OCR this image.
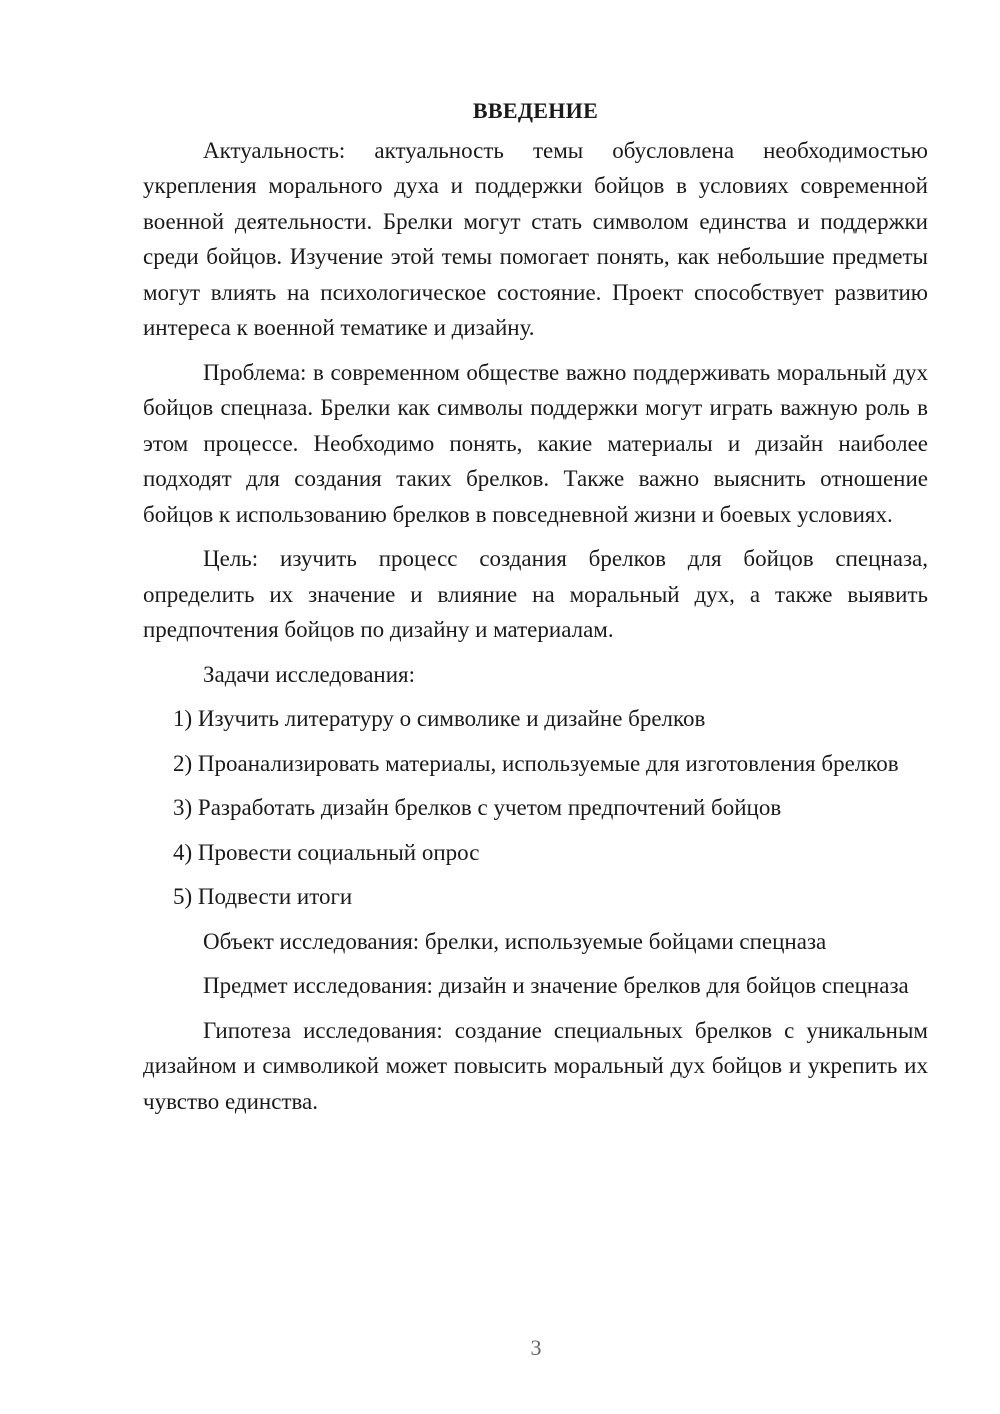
ВВЕДЕНИЕ

Актуальность: актуальность темы обусловлена необходимостью укрепления морального духа и поддержки бойцов в условиях современной военной деятельности. Брелки могут стать символом единства и поддержки среди бойцов. Изучение этой темы помогает понять, как небольшие предметы могут влиять на психологическое состояние. Проект способствует развитию интереса к военной тематике и дизайну.

Проблема: в современном обществе важно поддерживать моральный дух бойцов спецназа. Брелки как символы поддержки могут играть важную роль в этом процессе. Необходимо понять, какие материалы и дизайн наиболее подходят для создания таких брелков. Также важно выяснить отношение бойцов к использованию брелков в повседневной жизни и боевых условиях.

Цель: изучить процесс создания брелков для бойцов спецназа, определить их значение и влияние на моральный дух, а также выявить предпочтения бойцов по дизайну и материалам.

Задачи исследования:

1) Изучить литературу о символике и дизайне брелков

2) Проанализировать материалы, используемые для изготовления брелков

3) Разработать дизайн брелков с учетом предпочтений бойцов

4) Провести социальный опрос

5) Подвести итоги

Объект исследования: брелки, используемые бойцами спецназа

Предмет исследования: дизайн и значение брелков для бойцов спецназа

Гипотеза исследования: создание специальных брелков с уникальным дизайном и символикой может повысить моральный дух бойцов и укрепить их чувство единства.

3
